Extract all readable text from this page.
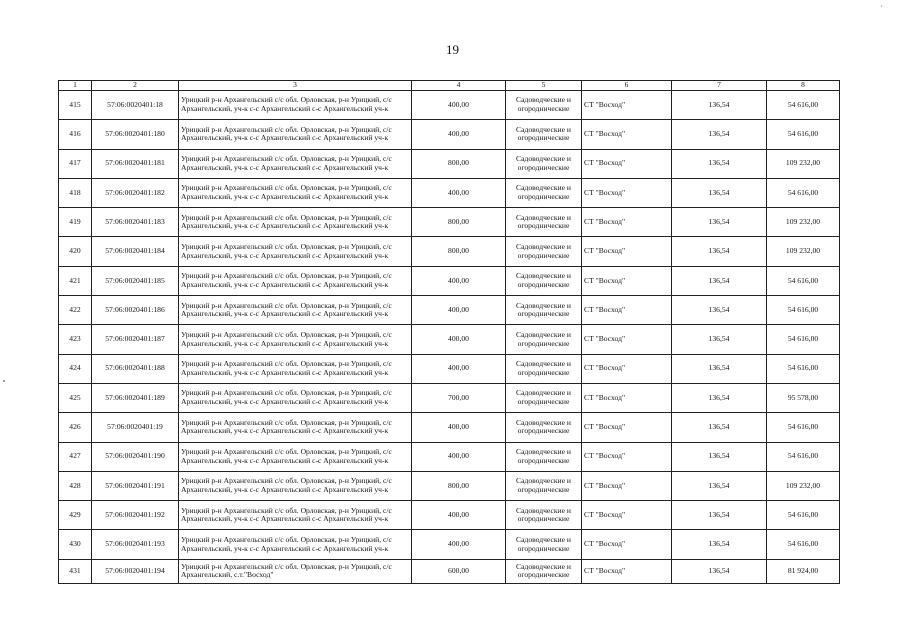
·
19
1	2	3	4	5	6	7	8
415	57:06:0020401:18	Урицкий р-н Архангельский с/с обл. Орловская, р-н Урицкий, с/с
Архангельский, уч-к с-с Архангельский с-с Архангельский уч-к	400,00	Садоводческие и
огороднические	СТ "Восход"	136,54	54 616,00
416	57:06:0020401:180	Урицкий р-н Архангельский с/с обл. Орловская, р-н Урицкий, с/с
Архангельский, уч-к с-с Архангельский с-с Архангельский уч-к	400,00	Садоводческие и
огороднические	СТ "Восход"	136,54	54 616,00
417	57:06:0020401:181	Урицкий р-н Архангельский с/с обл. Орловская, р-н Урицкий, с/с
Архангельский, уч-к с-с Архангельский с-с Архангельский уч-к	800,00	Садоводческие и
огороднические	СТ "Восход"	136,54	109 232,00
418	57:06:0020401:182	Урицкий р-н Архангельский с/с обл. Орловская, р-н Урицкий, с/с
Архангельский, уч-к с-с Архангельский с-с Архангельский уч-к	400,00	Садоводческие и
огороднические	СТ "Восход"	136,54	54 616,00
419	57:06:0020401:183	Урицкий р-н Архангельский с/с обл. Орловская, р-н Урицкий, с/с
Архангельский, уч-к с-с Архангельский с-с Архангельский уч-к	800,00	Садоводческие и
огороднические	СТ "Восход"	136,54	109 232,00
420	57:06:0020401:184	Урицкий р-н Архангельский с/с обл. Орловская, р-н Урицкий, с/с
Архангельский, уч-к с-с Архангельский с-с Архангельский уч-к	800,00	Садоводческие и
огороднические	СТ "Восход"	136,54	109 232,00
421	57:06:0020401:185	Урицкий р-н Архангельский с/с обл. Орловская, р-н Урицкий, с/с
Архангельский, уч-к с-с Архангельский с-с Архангельский уч-к	400,00	Садоводческие и
огороднические	СТ "Восход"	136,54	54 616,00
422	57:06:0020401:186	Урицкий р-н Архангельский с/с обл. Орловская, р-н Урицкий, с/с
Архангельский, уч-к с-с Архангельский с-с Архангельский уч-к	400,00	Садоводческие и
огороднические	СТ "Восход"	136,54	54 616,00
423	57:06:0020401:187	Урицкий р-н Архангельский с/с обл. Орловская, р-н Урицкий, с/с
Архангельский, уч-к с-с Архангельский с-с Архангельский уч-к	400,00	Садоводческие и
огороднические	СТ "Восход"	136,54	54 616,00
424	57:06:0020401:188	Урицкий р-н Архангельский с/с обл. Орловская, р-н Урицкий, с/с
Архангельский, уч-к с-с Архангельский с-с Архангельский уч-к	400,00	Садоводческие и
огороднические	СТ "Восход"	136,54	54 616,00
425	57:06:0020401:189	Урицкий р-н Архангельский с/с обл. Орловская, р-н Урицкий, с/с
Архангельский, уч-к с-с Архангельский с-с Архангельский уч-к	700,00	Садоводческие и
огороднические	СТ "Восход"	136,54	95 578,00
426	57:06:0020401:19	Урицкий р-н Архангельский с/с обл. Орловская, р-н Урицкий, с/с
Архангельский, уч-к с-с Архангельский с-с Архангельский уч-к	400,00	Садоводческие и
огороднические	СТ "Восход"	136,54	54 616,00
427	57:06:0020401:190	Урицкий р-н Архангельский с/с обл. Орловская, р-н Урицкий, с/с
Архангельский, уч-к с-с Архангельский с-с Архангельский уч-к	400,00	Садоводческие и
огороднические	СТ "Восход"	136,54	54 616,00
428	57:06:0020401:191	Урицкий р-н Архангельский с/с обл. Орловская, р-н Урицкий, с/с
Архангельский, уч-к с-с Архангельский с-с Архангельский уч-к	800,00	Садоводческие и
огороднические	СТ "Восход"	136,54	109 232,00
429	57:06:0020401:192	Урицкий р-н Архангельский с/с обл. Орловская, р-н Урицкий, с/с
Архангельский, уч-к с-с Архангельский с-с Архангельский уч-к	400,00	Садоводческие и
огороднические	СТ "Восход"	136,54	54 616,00
430	57:06:0020401:193	Урицкий р-н Архангельский с/с обл. Орловская, р-н Урицкий, с/с
Архангельский, уч-к с-с Архангельский с-с Архангельский уч-к	400,00	Садоводческие и
огороднические	СТ "Восход"	136,54	54 616,00
431	57:06:0020401:194	Урицкий р-н Архангельский с/с обл. Орловская, р-н Урицкий, с/с
Архангельский, с.т."Восход"	600,00	Садоводческие и
огороднические	СТ "Восход"	136,54	81 924,00
